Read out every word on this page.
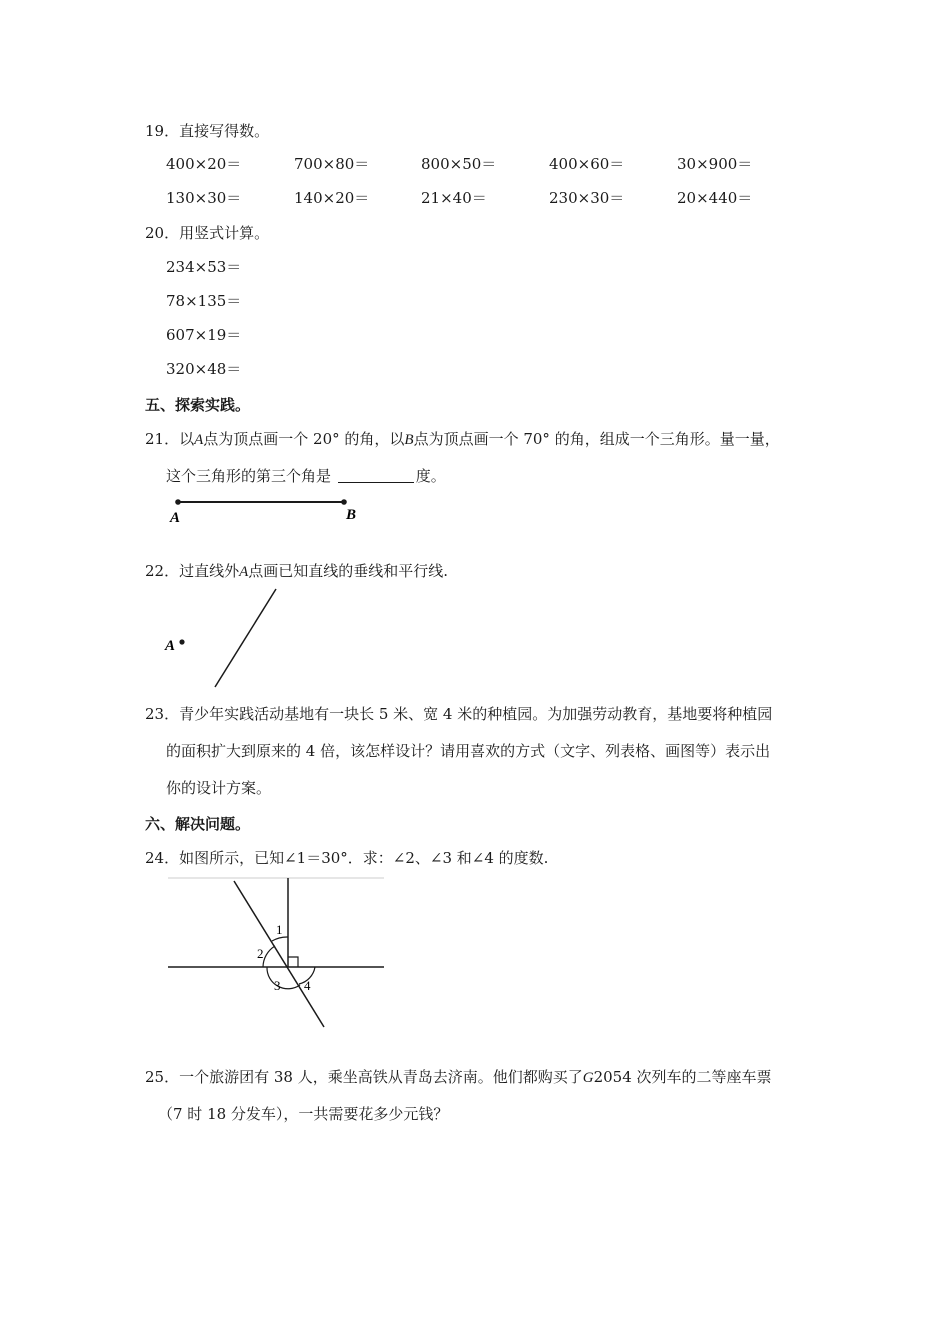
19．直接写得数。
400×20＝	700×80＝	800×50＝	400×60＝	30×900＝
130×30＝	140×20＝	21×40＝	230×30＝	20×440＝
20．用竖式计算。
234×53＝
78×135＝
607×19＝
320×48＝
五、探索实践。
21．以A点为顶点画一个 20° 的角，以B点为顶点画一个 70° 的角，组成一个三角形。量一量，
这个三角形的第三个角是	度。
A	B
22．过直线外A点画已知直线的垂线和平行线.
A
23．青少年实践活动基地有一块长 5 米、宽 4 米的种植园。为加强劳动教育，基地要将种植园
的面积扩大到原来的 4 倍，该怎样设计？请用喜欢的方式（文字、列表格、画图等）表示出
你的设计方案。
六、解决问题。
24．如图所示，已知∠1＝30°．求：∠2、∠3 和∠4 的度数.
1
2
3 4
25．一个旅游团有 38 人，乘坐高铁从青岛去济南。他们都购买了G2054 次列车的二等座车票
（7 时 18 分发车），一共需要花多少元钱？
